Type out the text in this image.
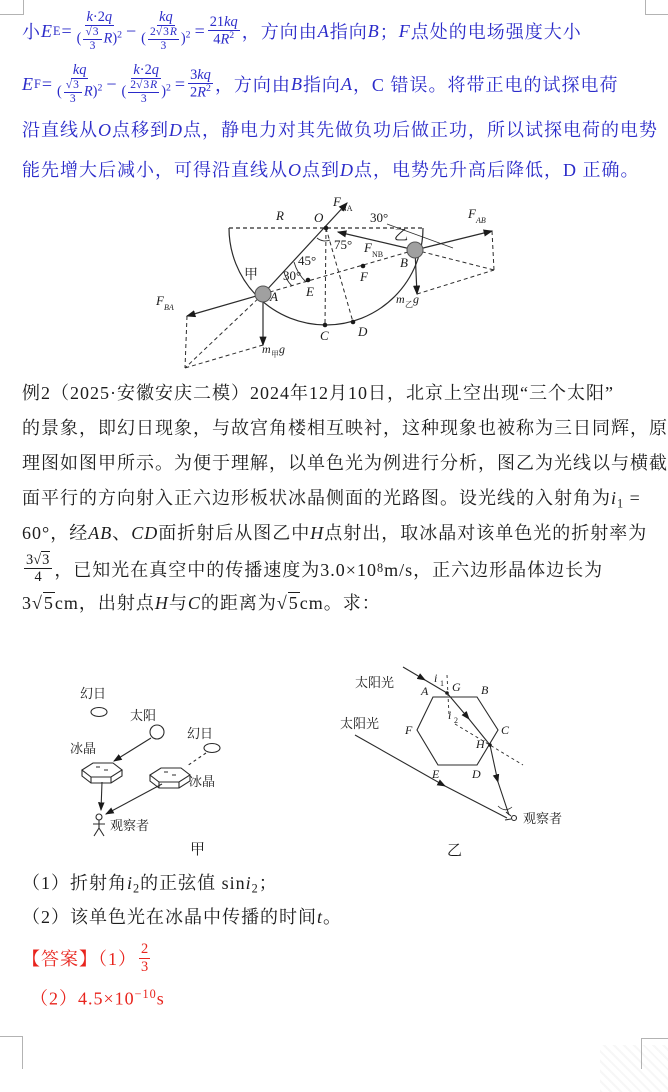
小 E $E = \frac{k\cdot 2q}{( \frac{√3}{3} R)^2} - \frac{kq}{( \frac{2√3R}{3} )^2} = \frac{21kq}{4R^2}$ ，方向由 A 指向 B ； F 点处的电场强度大小
E $F = \frac{kq}{( \frac{√3}{3} R)^2} - \frac{k\cdot 2q}{( \frac{2√3R}{3} )^2} = \frac{3kq}{2R^2}$ ，方向由 B 指向 A ，C 错误。将带正电的试探电荷
沿直线从O点移到D点，静电力对其先做负功后做正功，所以试探电荷的电势
能先增大后减小，可得沿直线从O点到D点，电势先升高后降低，D 正确。
R O
F NA
30°	F AB
乙
B
F NB
75°
45°
30°
甲
A E
F
C D
F BA
m 甲 g
m 乙 g
例2（2025·安徽安庆二模）2024年12月10日，北京上空出现“三个太阳”
的景象，即幻日现象，与故宫角楼相互映衬，这种现象也被称为三日同辉，原
理图如图甲所示。为便于理解，以单色光为例进行分析，图乙为光线以与横截
面平行的方向射入正六边形板状冰晶侧面的光路图。设光线的入射角为i1 =
60°，经AB、CD面折射后从图乙中H点射出，取冰晶对该单色光的折射率为
3√3
4 ，已知光在真空中的传播速度为3.0×10 8 m/s，正六边形晶体边长为
3√5cm，出射点H与C的距离为√5cm。求：
幻日
太阳
幻日
冰晶
冰晶
观察者
甲
太阳光
太阳光
i 1 G
A	B
C
D
E
F
i 2
H
观察者
乙
（1）折射角i2的正弦值 sini2；
（2）该单色光在冰晶中传播的时间t。
【答案】（1） 2
3
$(2)4.5\times 10^{-10}s$
